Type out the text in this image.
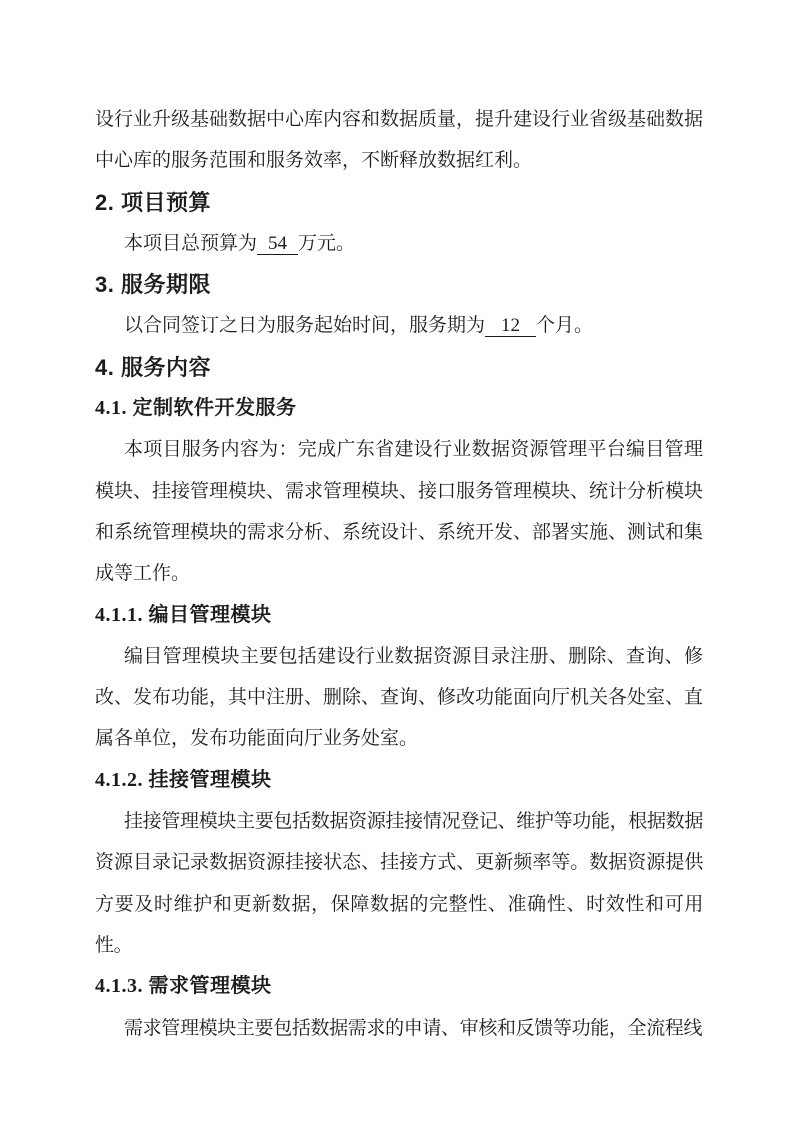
设行业升级基础数据中心库内容和数据质量，提升建设行业省级基础数据中心库的服务范围和服务效率，不断释放数据红利。

2. 项目预算

本项目总预算为 54 万元。

3. 服务期限

以合同签订之日为服务起始时间，服务期为 12 个月。

4. 服务内容
4.1. 定制软件开发服务

本项目服务内容为：完成广东省建设行业数据资源管理平台编目管理模块、挂接管理模块、需求管理模块、接口服务管理模块、统计分析模块和系统管理模块的需求分析、系统设计、系统开发、部署实施、测试和集成等工作。

4.1.1. 编目管理模块

编目管理模块主要包括建设行业数据资源目录注册、删除、查询、修改、发布功能，其中注册、删除、查询、修改功能面向厅机关各处室、直属各单位，发布功能面向厅业务处室。

4.1.2. 挂接管理模块

挂接管理模块主要包括数据资源挂接情况登记、维护等功能，根据数据资源目录记录数据资源挂接状态、挂接方式、更新频率等。数据资源提供方要及时维护和更新数据，保障数据的完整性、准确性、时效性和可用性。

4.1.3. 需求管理模块

需求管理模块主要包括数据需求的申请、审核和反馈等功能，全流程线
